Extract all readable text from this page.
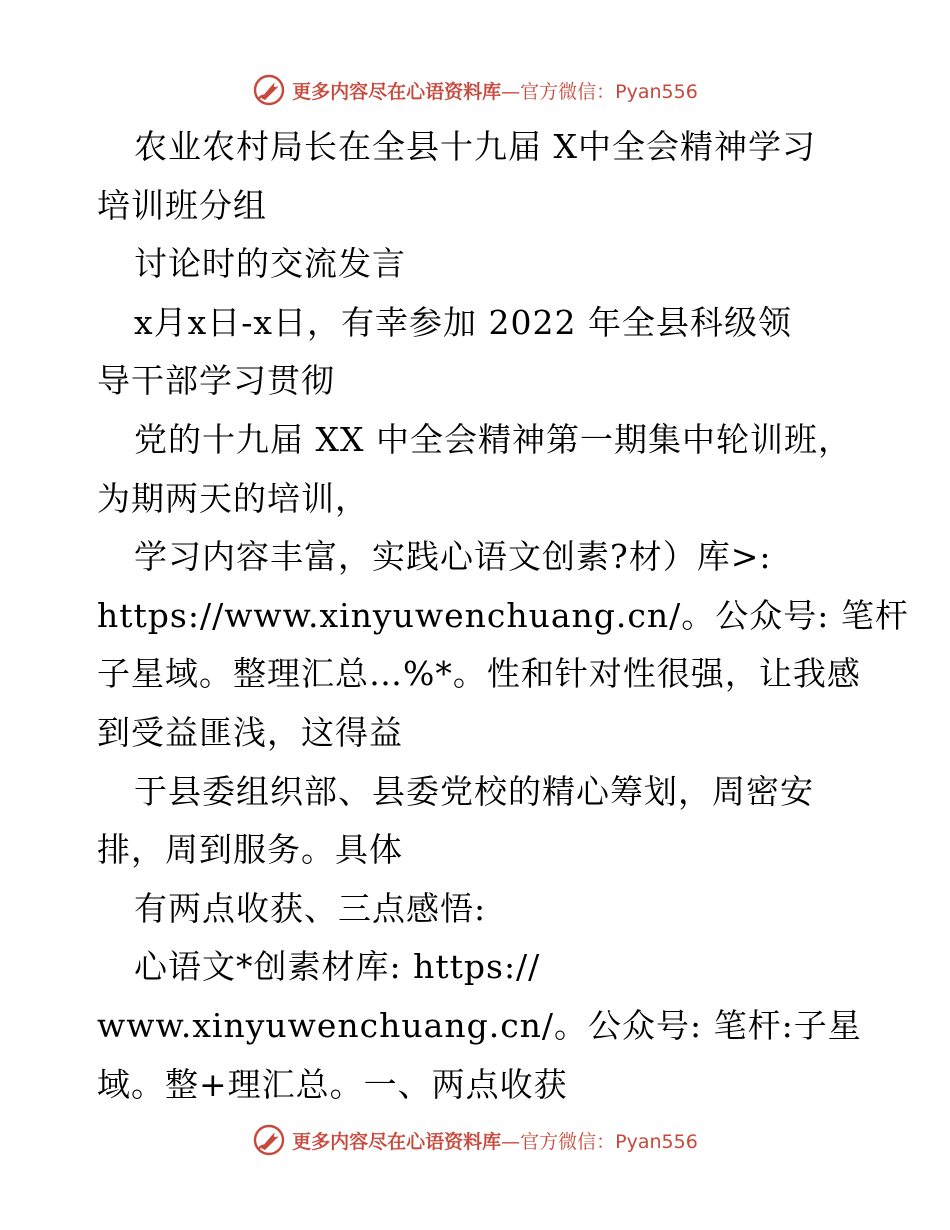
更多内容尽在心语资料库—官方微信：Pyan556
农业农村局长在全县十九届 X中全会精神学习
培训班分组
讨论时的交流发言
x月x日-x日，有幸参加 2022 年全县科级领
导干部学习贯彻
党的十九届 XX 中全会精神第一期集中轮训班，
为期两天的培训，
学习内容丰富，实践心语文创素?材）库>:
https://www.xinyuwenchuang.cn/。公众号: 笔杆
子星域。整理汇总…%*。性和针对性很强，让我感
到受益匪浅，这得益
于县委组织部、县委党校的精心筹划，周密安
排，周到服务。具体
有两点收获、三点感悟:
心语文*创素材库: https://
www.xinyuwenchuang.cn/。公众号: 笔杆:子星
域。整+理汇总。一、两点收获
更多内容尽在心语资料库—官方微信：Pyan556
